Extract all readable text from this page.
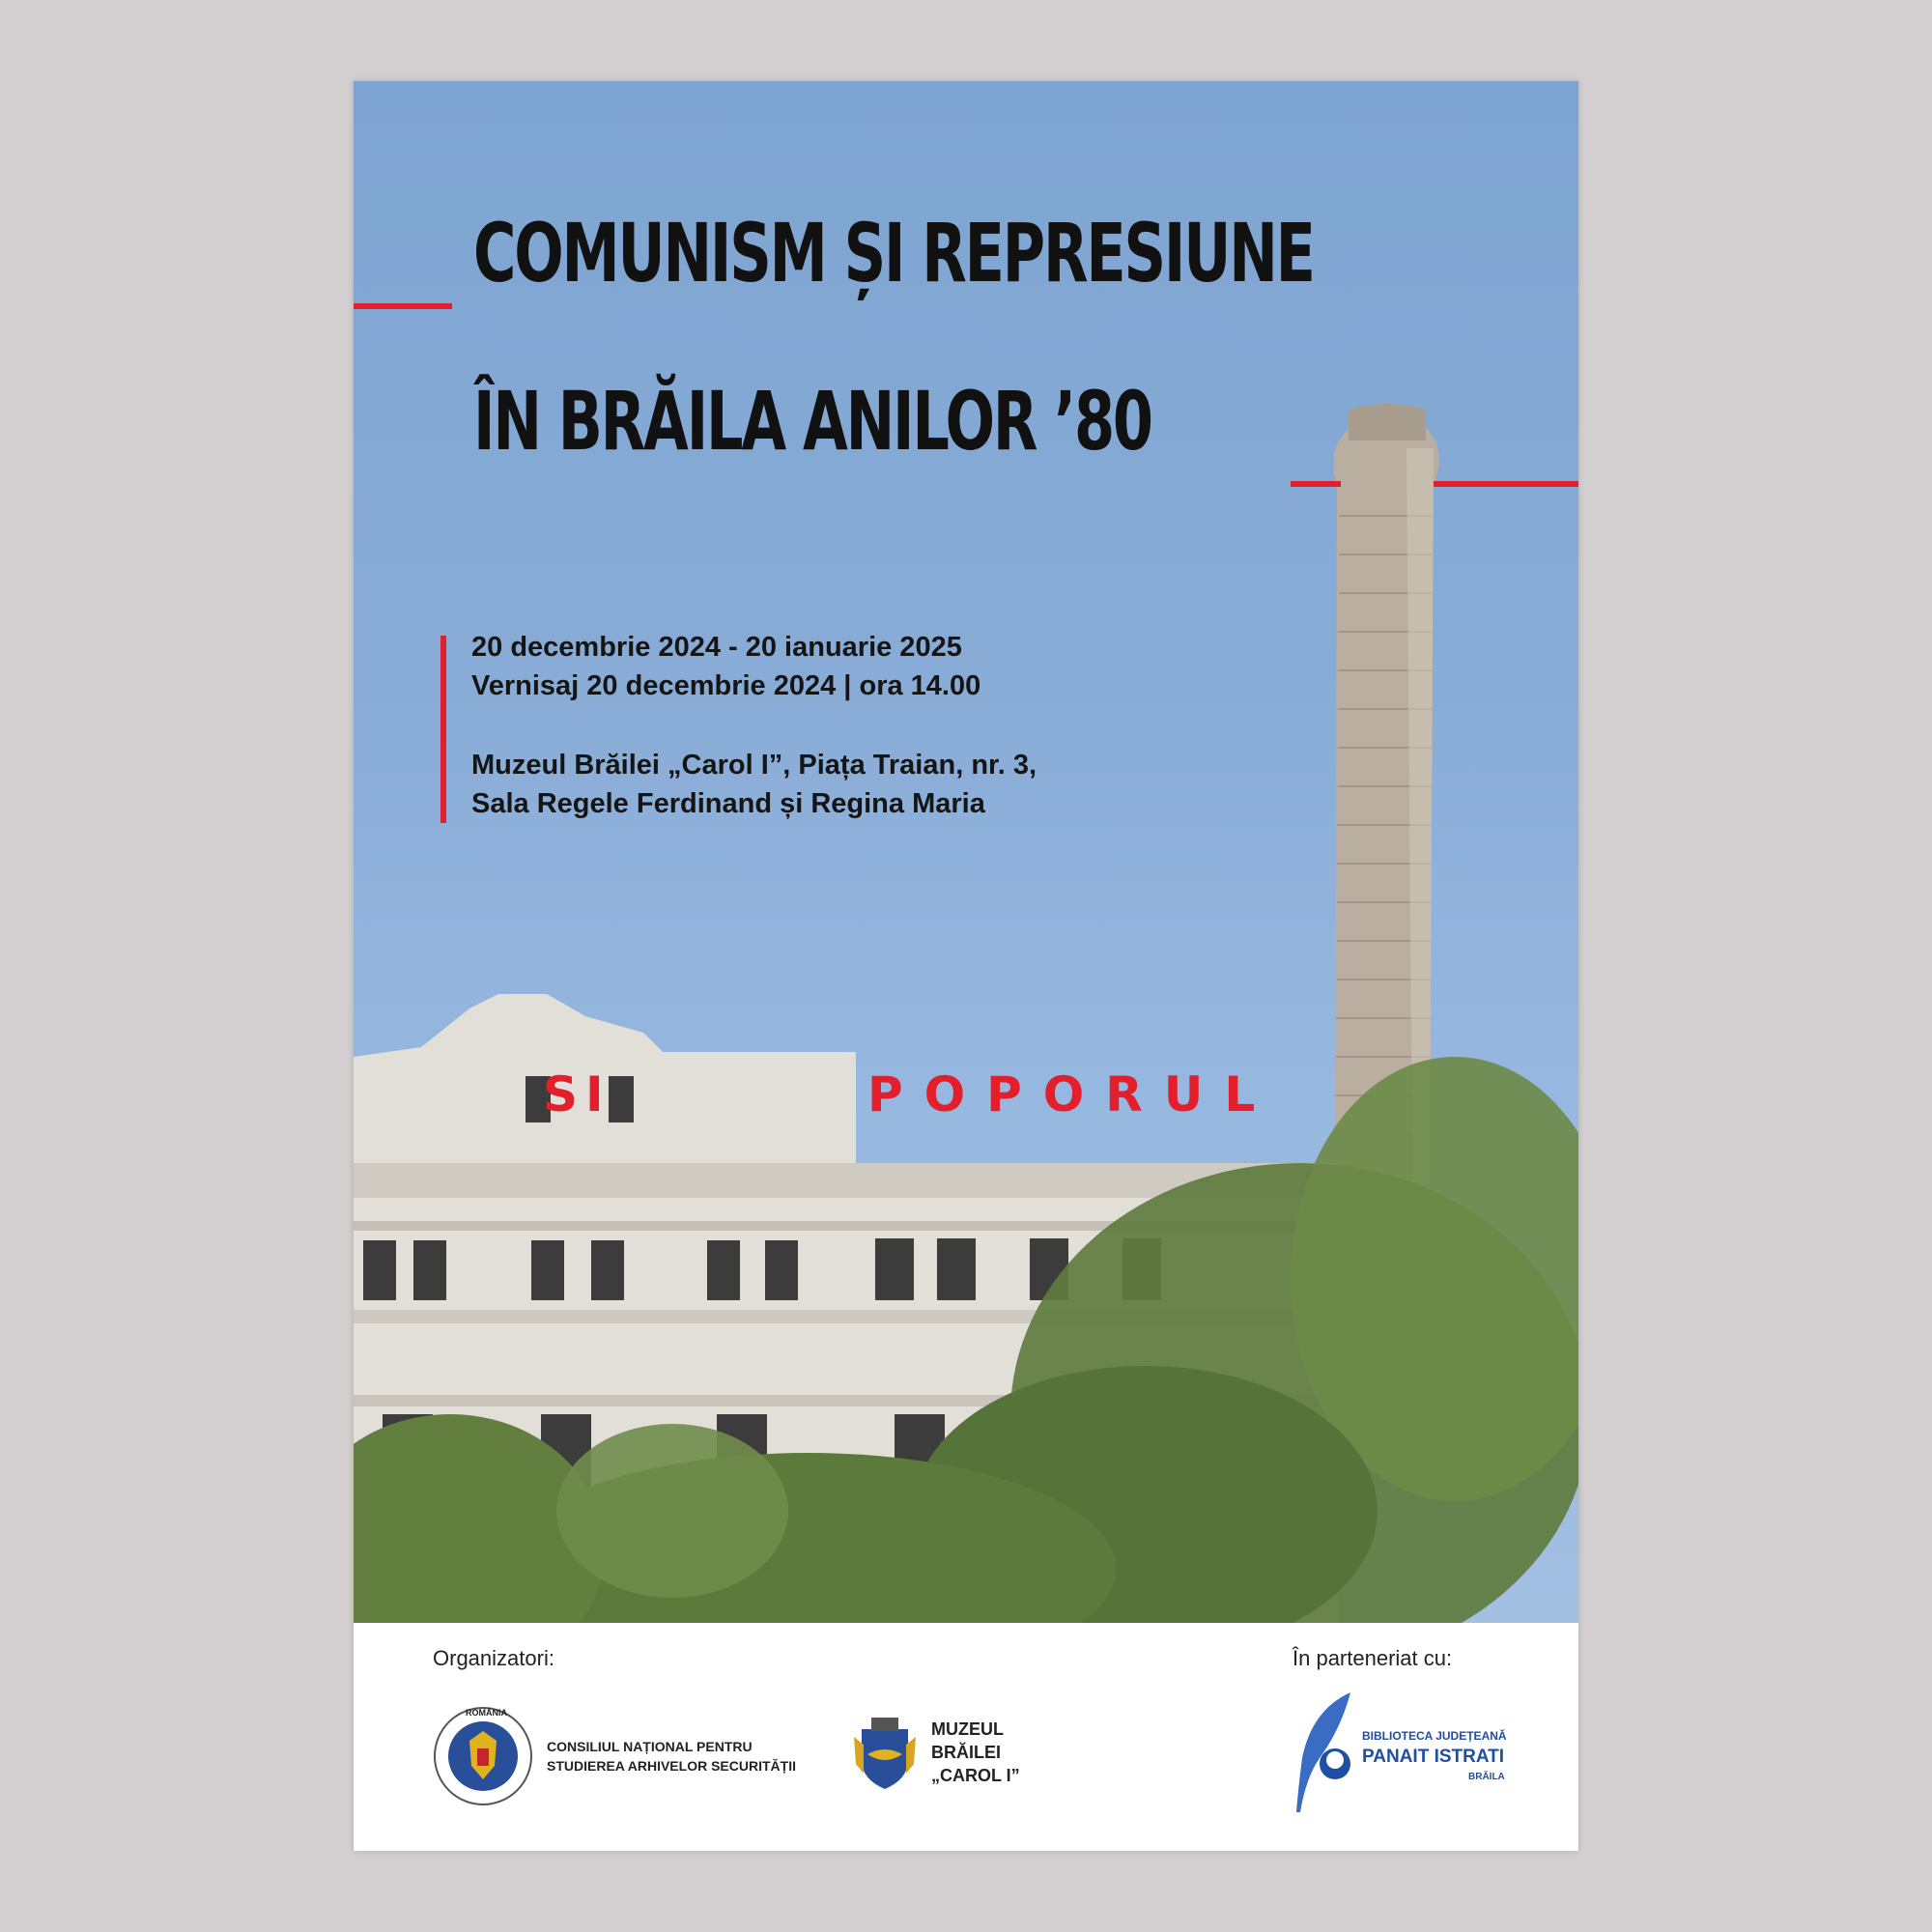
COMUNISM ȘI REPRESIUNE
ÎN BRĂILA ANILOR ’80
20 decembrie 2024 - 20 ianuarie 2025
Vernisaj 20 decembrie 2024 | ora 14.00
Muzeul Brăilei „Carol I”, Piața Traian, nr. 3,
Sala Regele Ferdinand și Regina Maria
SI	POPORUL
Organizatori:	În parteneriat cu:
ROMÂNIA
CONSILIUL NAȚIONAL PENTRU
STUDIEREA ARHIVELOR SECURITĂȚII
MUZEUL
BRĂILEI
„CAROL I”
BIBLIOTECA JUDEȚEANĂ
PANAIT ISTRATI
BRĂILA
